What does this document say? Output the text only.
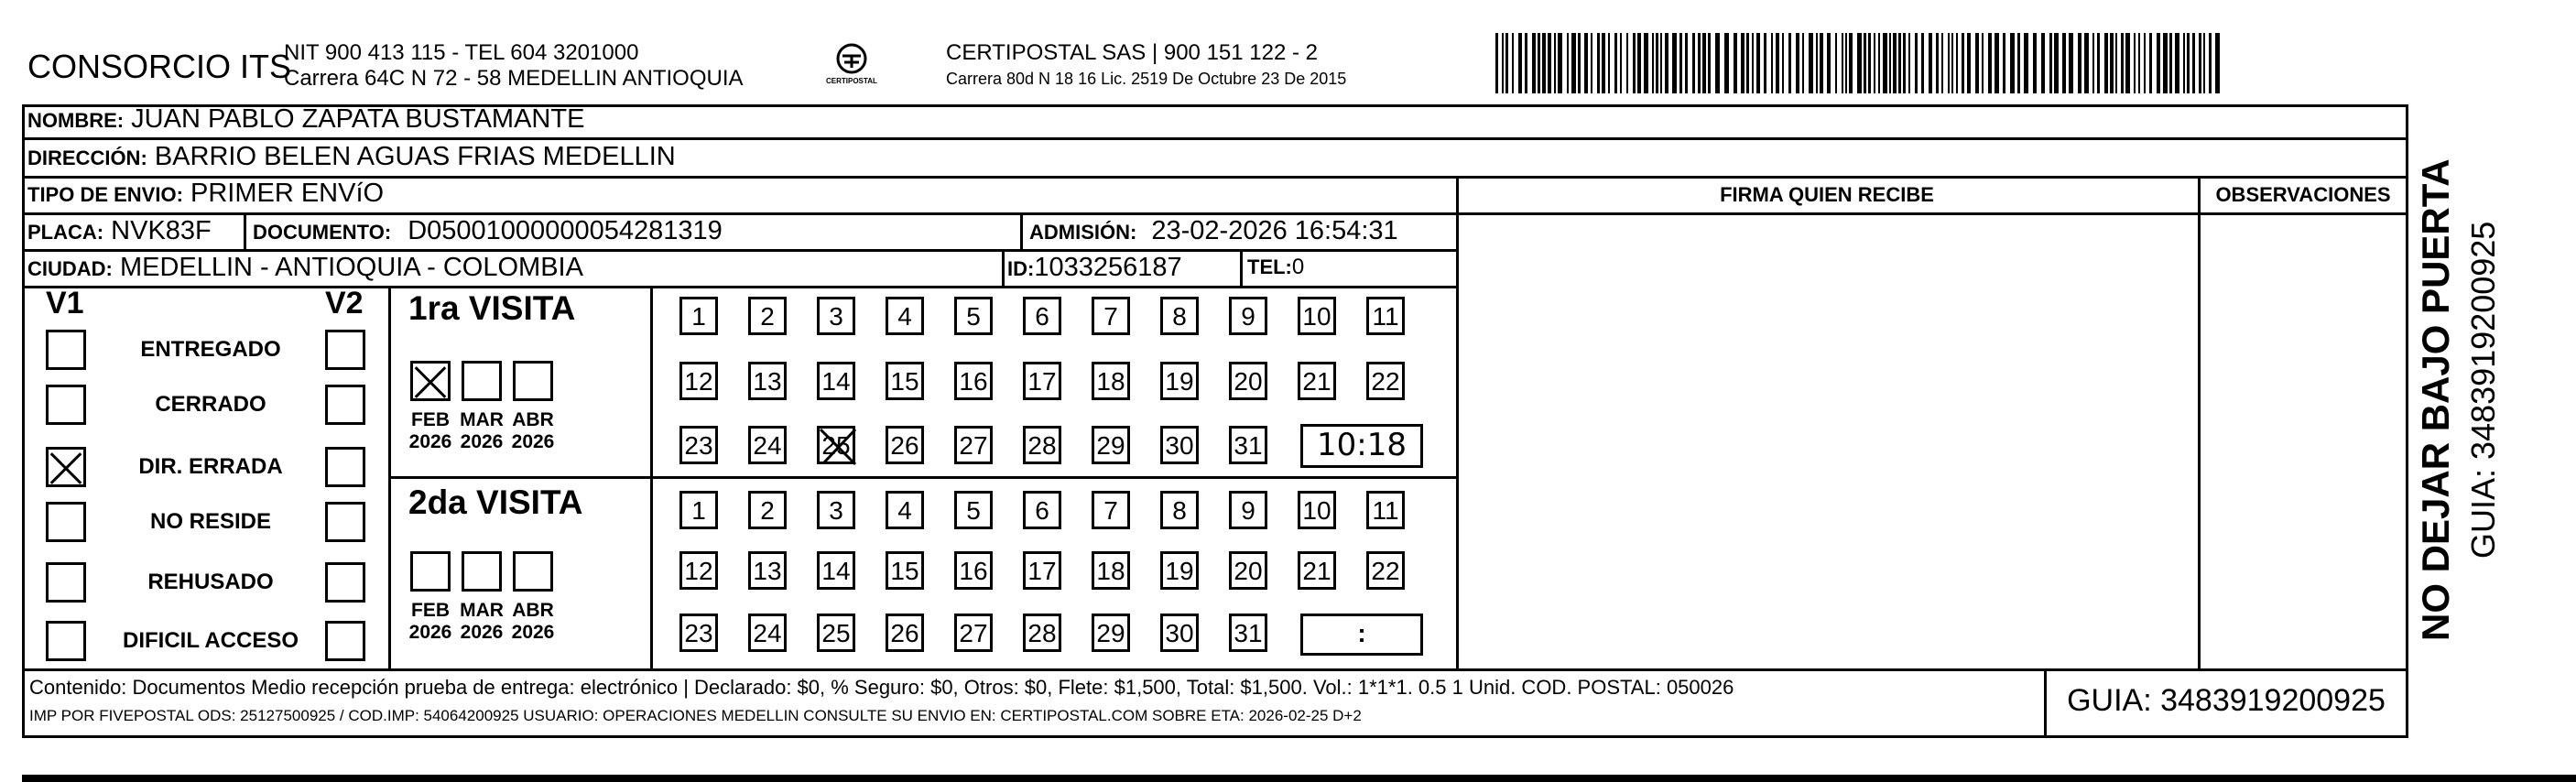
CONSORCIO ITS
NIT 900 413 115 - TEL 604 3201000
Carrera 64C N 72 - 58 MEDELLIN ANTIOQUIA	CERTIPOSTAL
CERTIPOSTAL SAS | 900 151 122 - 2
Carrera 80d N 18 16 Lic. 2519 De Octubre 23 De 2015
NOMBRE: JUAN PABLO ZAPATA BUSTAMANTE
DIRECCIÓN: BARRIO BELEN AGUAS FRIAS MEDELLIN
TIPO DE ENVIO: PRIMER ENVíO
PLACA: NVK83F DOCUMENTO: D05001000000054281319	ADMISIÓN: 23-02-2026 16:54:31
CIUDAD: MEDELLIN - ANTIOQUIA - COLOMBIA	ID:1033256187	TEL:0
FIRMA QUIEN RECIBE	OBSERVACIONES
V1	V2
ENTREGADO
CERRADO
DIR. ERRADA
NO RESIDE
REHUSADO
DIFICIL ACCESO
1ra VISITA
2da VISITA
FEB
2026
MAR
2026
ABR
2026
FEB
2026
MAR
2026
ABR
2026
1	2	3	4	5	6	7	8	9	10 11
12 13 14 15 16 17 18 19 20 21 22
23 24 25 26 27 28 29 30 31
1	2	3	4	5	6	7	8	9	10 11
12 13 14 15 16 17 18 19 20 21 22
23 24 25 26 27 28 29 30 31
10:18
:	NO DEJAR BAJO PUERTA GUIA: 3483919200925
Contenido: Documentos Medio recepción prueba de entrega: electrónico | Declarado: $0, % Seguro: $0, Otros: $0, Flete: $1,500, Total: $1,500. Vol.: 1*1*1. 0.5 1 Unid. COD. POSTAL: 050026
IMP POR FIVEPOSTAL ODS: 25127500925 / COD.IMP: 54064200925 USUARIO: OPERACIONES MEDELLIN CONSULTE SU ENVIO EN: CERTIPOSTAL.COM SOBRE ETA: 2026-02-25 D+2	GUIA: 3483919200925
